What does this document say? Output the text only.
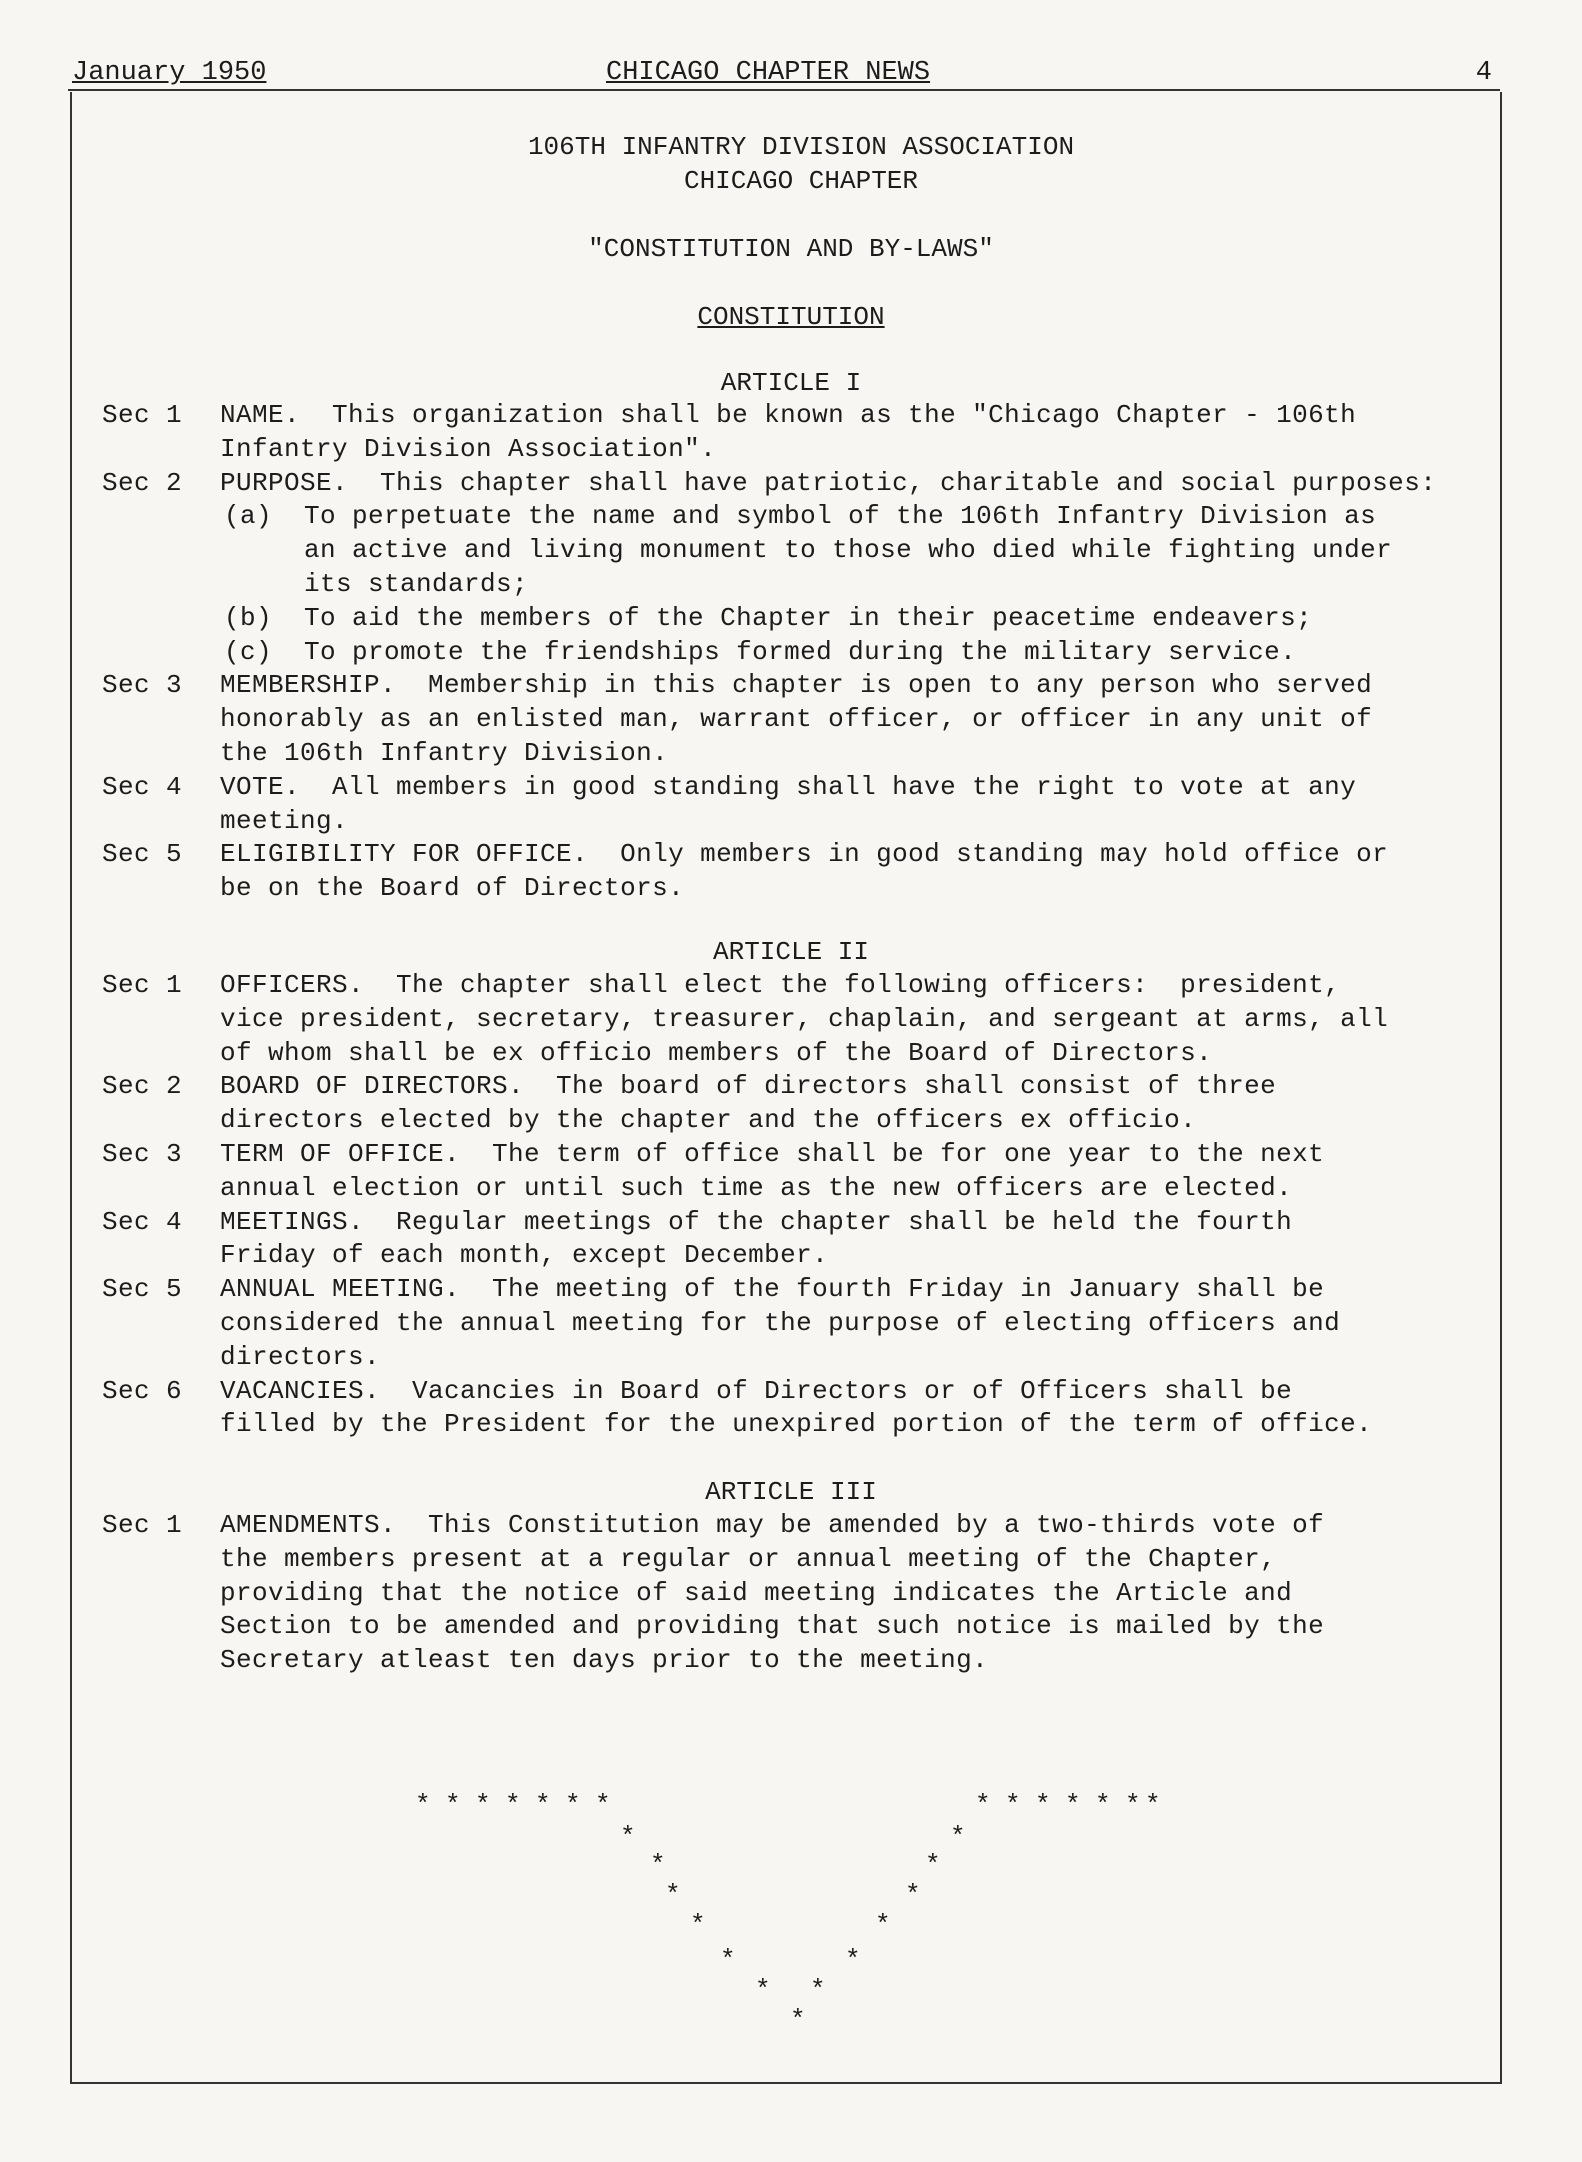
January 1950	CHICAGO CHAPTER NEWS	4
106TH INFANTRY DIVISION ASSOCIATION
CHICAGO CHAPTER
"CONSTITUTION AND BY-LAWS"
CONSTITUTION
ARTICLE I
Sec 1 NAME.  This organization shall be known as the "Chicago Chapter - 106th
Infantry Division Association".
Sec 2 PURPOSE.  This chapter shall have patriotic, charitable and social purposes:
(a) To perpetuate the name and symbol of the 106th Infantry Division as
an active and living monument to those who died while fighting under
its standards;
(b) To aid the members of the Chapter in their peacetime endeavers;
(c) To promote the friendships formed during the military service.
Sec 3 MEMBERSHIP.  Membership in this chapter is open to any person who served
honorably as an enlisted man, warrant officer, or officer in any unit of
the 106th Infantry Division.
Sec 4 VOTE.  All members in good standing shall have the right to vote at any
meeting.
Sec 5 ELIGIBILITY FOR OFFICE.  Only members in good standing may hold office or
be on the Board of Directors.
ARTICLE II
Sec 1 OFFICERS.  The chapter shall elect the following officers:  president,
vice president, secretary, treasurer, chaplain, and sergeant at arms, all
of whom shall be ex officio members of the Board of Directors.
Sec 2 BOARD OF DIRECTORS.  The board of directors shall consist of three
directors elected by the chapter and the officers ex officio.
Sec 3 TERM OF OFFICE.  The term of office shall be for one year to the next
annual election or until such time as the new officers are elected.
Sec 4 MEETINGS.  Regular meetings of the chapter shall be held the fourth
Friday of each month, except December.
Sec 5 ANNUAL MEETING.  The meeting of the fourth Friday in January shall be
considered the annual meeting for the purpose of electing officers and
directors.
Sec 6 VACANCIES.  Vacancies in Board of Directors or of Officers shall be
filled by the President for the unexpired portion of the term of office.
ARTICLE III
Sec 1 AMENDMENTS.  This Constitution may be amended by a two-thirds vote of
the members present at a regular or annual meeting of the Chapter,
providing that the notice of said meeting indicates the Article and
Section to be amended and providing that such notice is mailed by the
Secretary atleast ten days prior to the meeting.
* * * * * * *	* * * * * * *
*
*
*
*
*
*
*
*
*
*
*
*
*
